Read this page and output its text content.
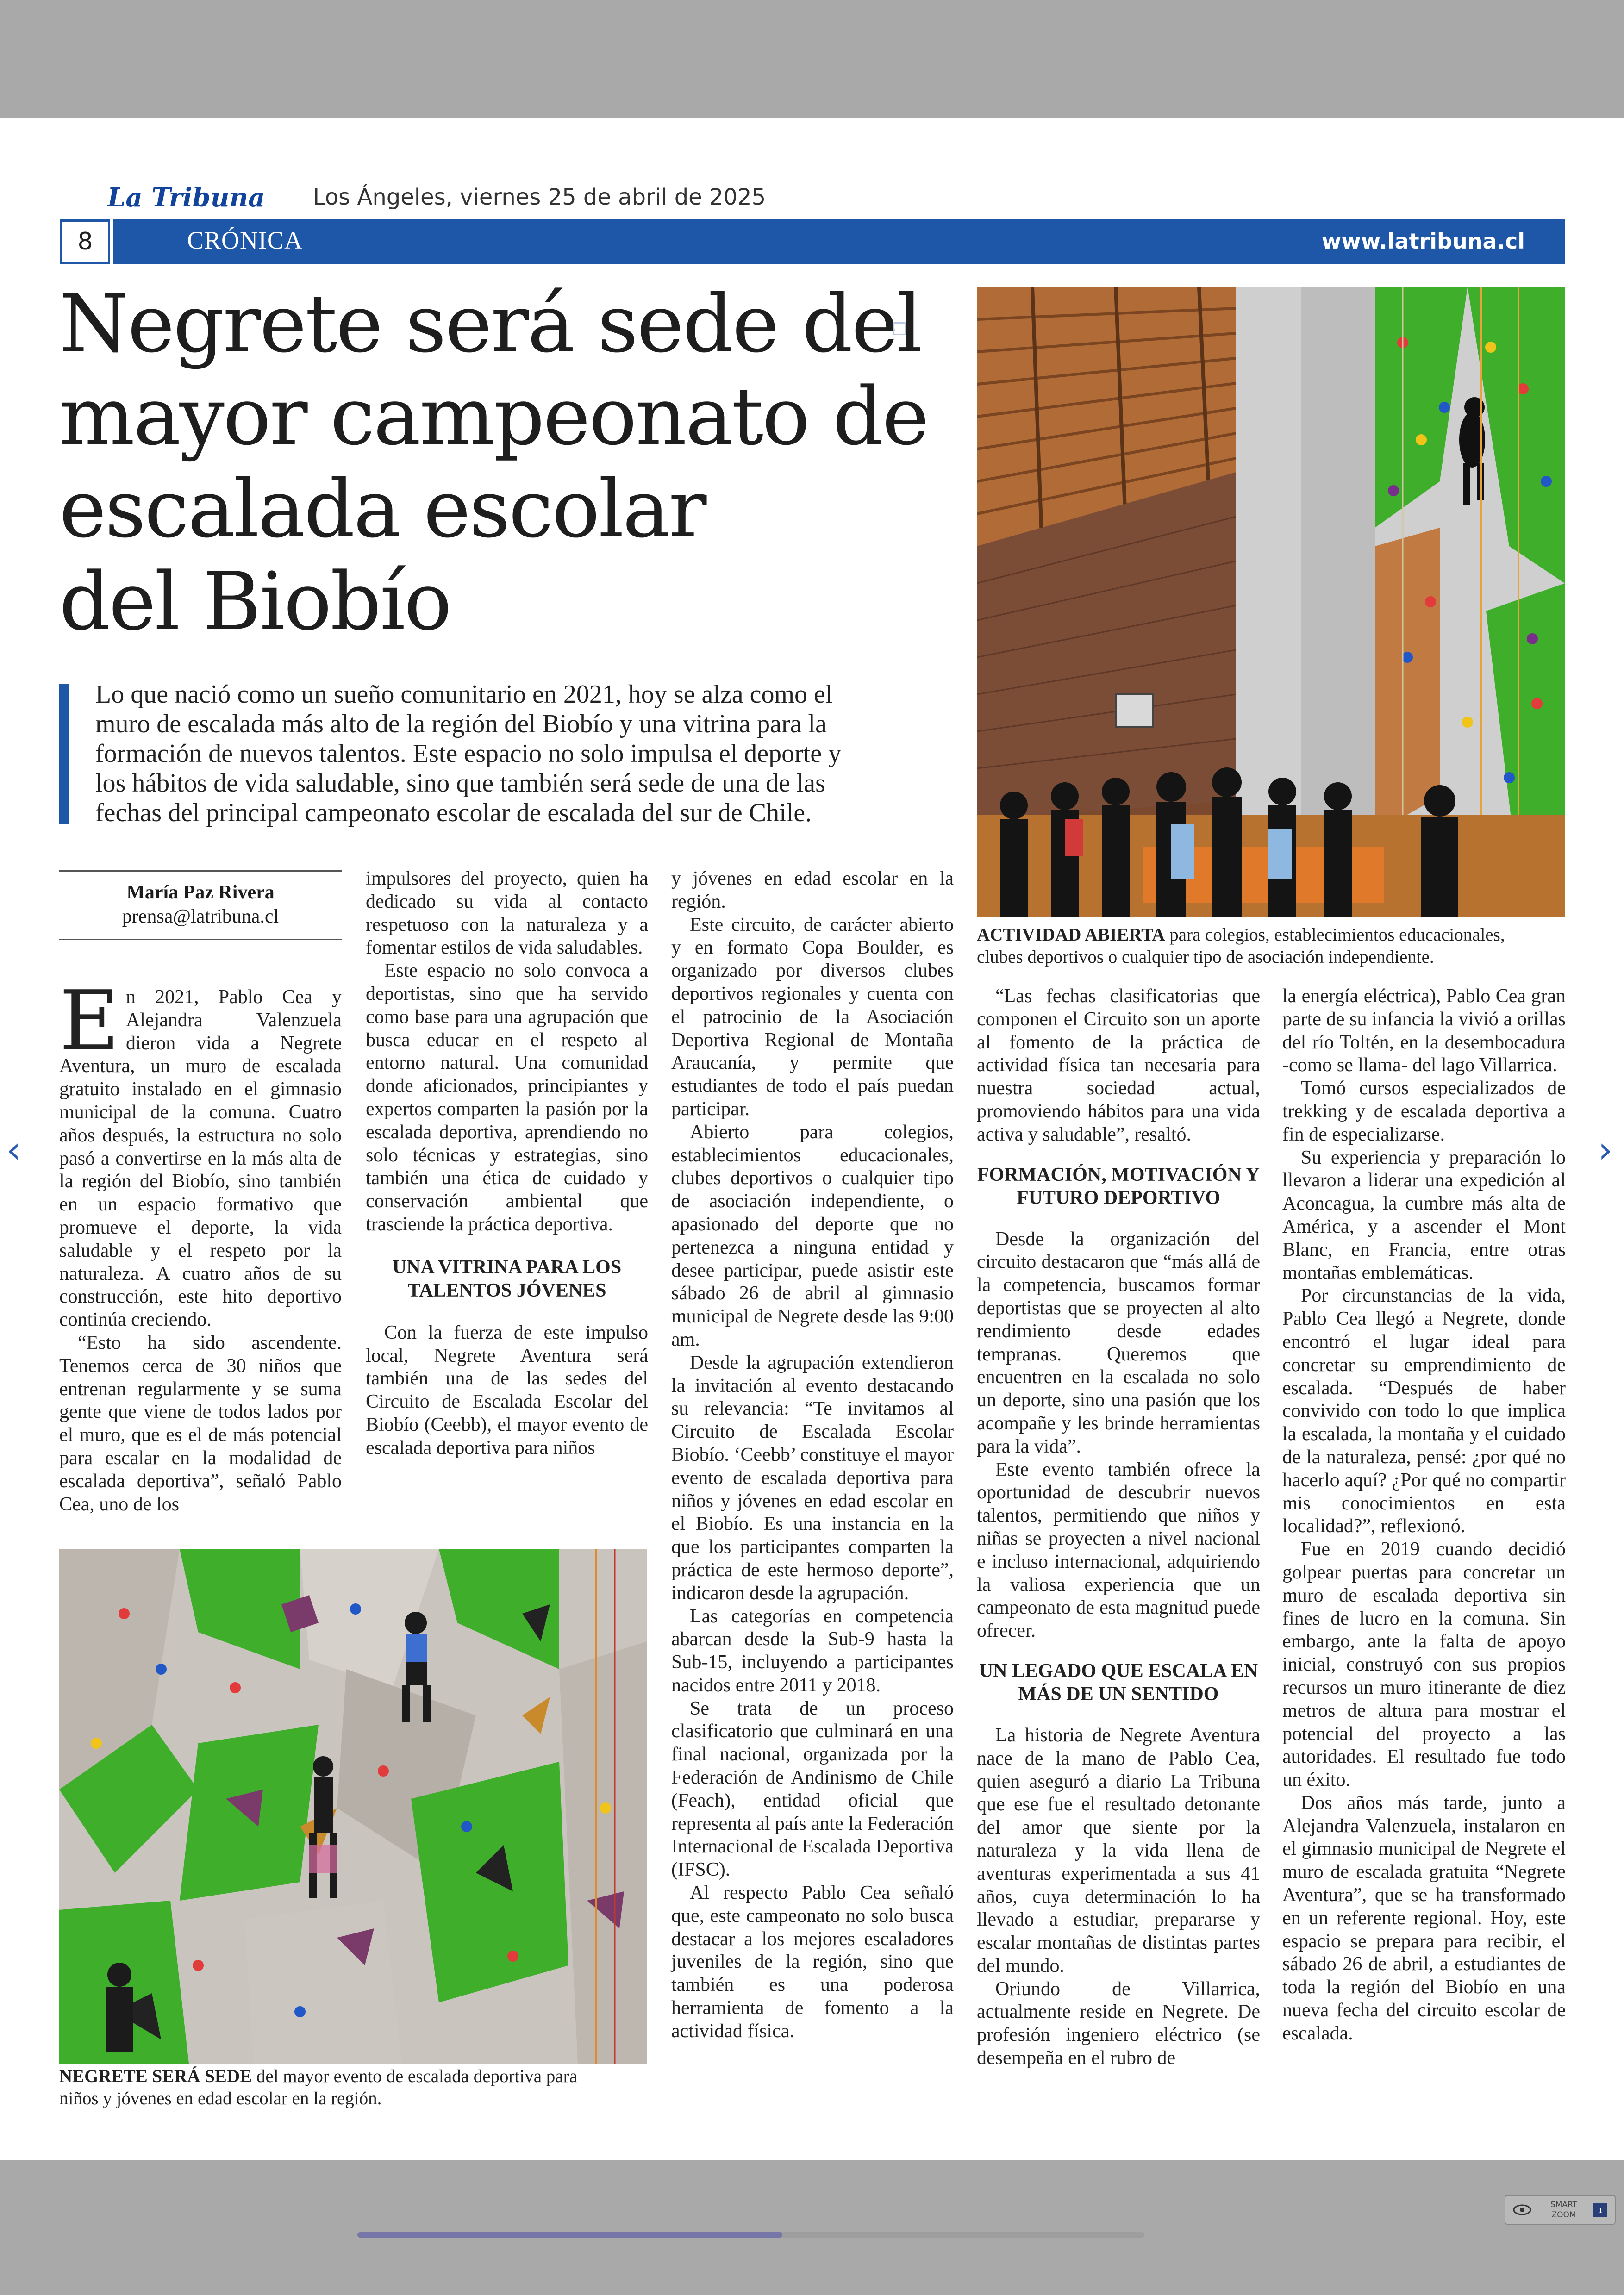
La Tribuna Los Ángeles, viernes 25 de abril de 2025
8	CRÓNICA	www.latribuna.cl
Negrete será sede del
mayor campeonato de
escalada escolar
del Biobío
Lo que nació como un sueño comunitario en 2021, hoy se alza como el
muro de escalada más alto de la región del Biobío y una vitrina para la
formación de nuevos talentos. Este espacio no solo impulsa el deporte y
los hábitos de vida saludable, sino que también será sede de una de las
fechas del principal campeonato escolar de escalada del sur de Chile.
ACTIVIDAD ABIERTA para colegios, establecimientos educacionales,
clubes deportivos o cualquier tipo de asociación independiente.
María Paz Rivera
prensa@latribuna.cl

En 2021, Pablo Cea y Alejandra Valenzuela dieron vida a Negrete Aventura, un muro de escalada gratuito instalado en el gimnasio municipal de la comuna. Cuatro años después, la estructura no solo pasó a convertirse en la más alta de la región del Biobío, sino también en un espacio formativo que promueve el deporte, la vida saludable y el respeto por la naturaleza. A cuatro años de su construcción, este hito deportivo continúa creciendo.

“Esto ha sido ascendente. Tenemos cerca de 30 niños que entrenan regularmente y se suma gente que viene de todos lados por el muro, que es el de más potencial para escalar en la modalidad de escalada deportiva”, señaló Pablo Cea, uno de los

impulsores del proyecto, quien ha dedicado su vida al contacto respetuoso con la naturaleza y a fomentar estilos de vida saludables.

Este espacio no solo convoca a deportistas, sino que ha servido como base para una agrupación que busca educar en el respeto al entorno natural. Una comunidad donde aficionados, principiantes y expertos comparten la pasión por la escalada deportiva, aprendiendo no solo técnicas y estrategias, sino también una ética de cuidado y conservación ambiental que trasciende la práctica deportiva.

UNA VITRINA PARA LOS TALENTOS JÓVENES

Con la fuerza de este impulso local, Negrete Aventura será también una de las sedes del Circuito de Escalada Escolar del Biobío (Ceebb), el mayor evento de escalada deportiva para niños

y jóvenes en edad escolar en la región.

Este circuito, de carácter abierto y en formato Copa Boulder, es organizado por diversos clubes deportivos regionales y cuenta con el patrocinio de la Asociación Deportiva Regional de Montaña Araucanía, y permite que estudiantes de todo el país puedan participar.

Abierto para colegios, establecimientos educacionales, clubes deportivos o cualquier tipo de asociación independiente, o apasionado del deporte que no pertenezca a ninguna entidad y desee participar, puede asistir este sábado 26 de abril al gimnasio municipal de Negrete desde las 9:00 am.

Desde la agrupación extendieron la invitación al evento destacando su relevancia: “Te invitamos al Circuito de Escalada Escolar Biobío. ‘Ceebb’ constituye el mayor evento de escalada deportiva para niños y jóvenes en edad escolar en el Biobío. Es una instancia en la que los participantes comparten la práctica de este hermoso deporte”, indicaron desde la agrupación.

Las categorías en competencia abarcan desde la Sub-9 hasta la Sub-15, incluyendo a participantes nacidos entre 2011 y 2018.

Se trata de un proceso clasificatorio que culminará en una final nacional, organizada por la Federación de Andinismo de Chile (Feach), entidad oficial que representa al país ante la Federación Internacional de Escalada Deportiva (IFSC).

Al respecto Pablo Cea señaló que, este campeonato no solo busca destacar a los mejores escaladores juveniles de la región, sino que también es una poderosa herramienta de fomento a la actividad física.

“Las fechas clasificatorias que componen el Circuito son un aporte al fomento de la práctica de actividad física tan necesaria para nuestra sociedad actual, promoviendo hábitos para una vida activa y saludable”, resaltó.

FORMACIÓN, MOTIVACIÓN Y FUTURO DEPORTIVO

Desde la organización del circuito destacaron que “más allá de la competencia, buscamos formar deportistas que se proyecten al alto rendimiento desde edades tempranas. Queremos que encuentren en la escalada no solo un deporte, sino una pasión que los acompañe y les brinde herramientas para la vida”.

Este evento también ofrece la oportunidad de descubrir nuevos talentos, permitiendo que niños y niñas se proyecten a nivel nacional e incluso internacional, adquiriendo la valiosa experiencia que un campeonato de esta magnitud puede ofrecer.

UN LEGADO QUE ESCALA EN MÁS DE UN SENTIDO

La historia de Negrete Aventura nace de la mano de Pablo Cea, quien aseguró a diario La Tribuna que ese fue el resultado detonante del amor que siente por la naturaleza y la vida llena de aventuras experimentada a sus 41 años, cuya determinación lo ha llevado a estudiar, prepararse y escalar montañas de distintas partes del mundo.

Oriundo de Villarrica, actualmente reside en Negrete. De profesión ingeniero eléctrico (se desempeña en el rubro de

la energía eléctrica), Pablo Cea gran parte de su infancia la vivió a orillas del río Toltén, en la desembocadura -como se llama- del lago Villarrica.

Tomó cursos especializados de trekking y de escalada deportiva a fin de especializarse.

Su experiencia y preparación lo llevaron a liderar una expedición al Aconcagua, la cumbre más alta de América, y a ascender el Mont Blanc, en Francia, entre otras montañas emblemáticas.

Por circunstancias de la vida, Pablo Cea llegó a Negrete, donde encontró el lugar ideal para concretar su emprendimiento de escalada. “Después de haber convivido con todo lo que implica la escalada, la montaña y el cuidado de la naturaleza, pensé: ¿por qué no hacerlo aquí? ¿Por qué no compartir mis conocimientos en esta localidad?”, reflexionó.

Fue en 2019 cuando decidió golpear puertas para concretar un muro de escalada deportiva sin fines de lucro en la comuna. Sin embargo, ante la falta de apoyo inicial, construyó con sus propios recursos un muro itinerante de diez metros de altura para mostrar el potencial del proyecto a las autoridades. El resultado fue todo un éxito.

Dos años más tarde, junto a Alejandra Valenzuela, instalaron en el gimnasio municipal de Negrete el muro de escalada gratuita “Negrete Aventura”, que se ha transformado en un referente regional. Hoy, este espacio se prepara para recibir, el sábado 26 de abril, a estudiantes de toda la región del Biobío en una nueva fecha del circuito escolar de escalada.

NEGRETE SERÁ SEDE del mayor evento de escalada deportiva para
niños y jóvenes en edad escolar en la región.
‹	›
SMART
ZOOM	1
